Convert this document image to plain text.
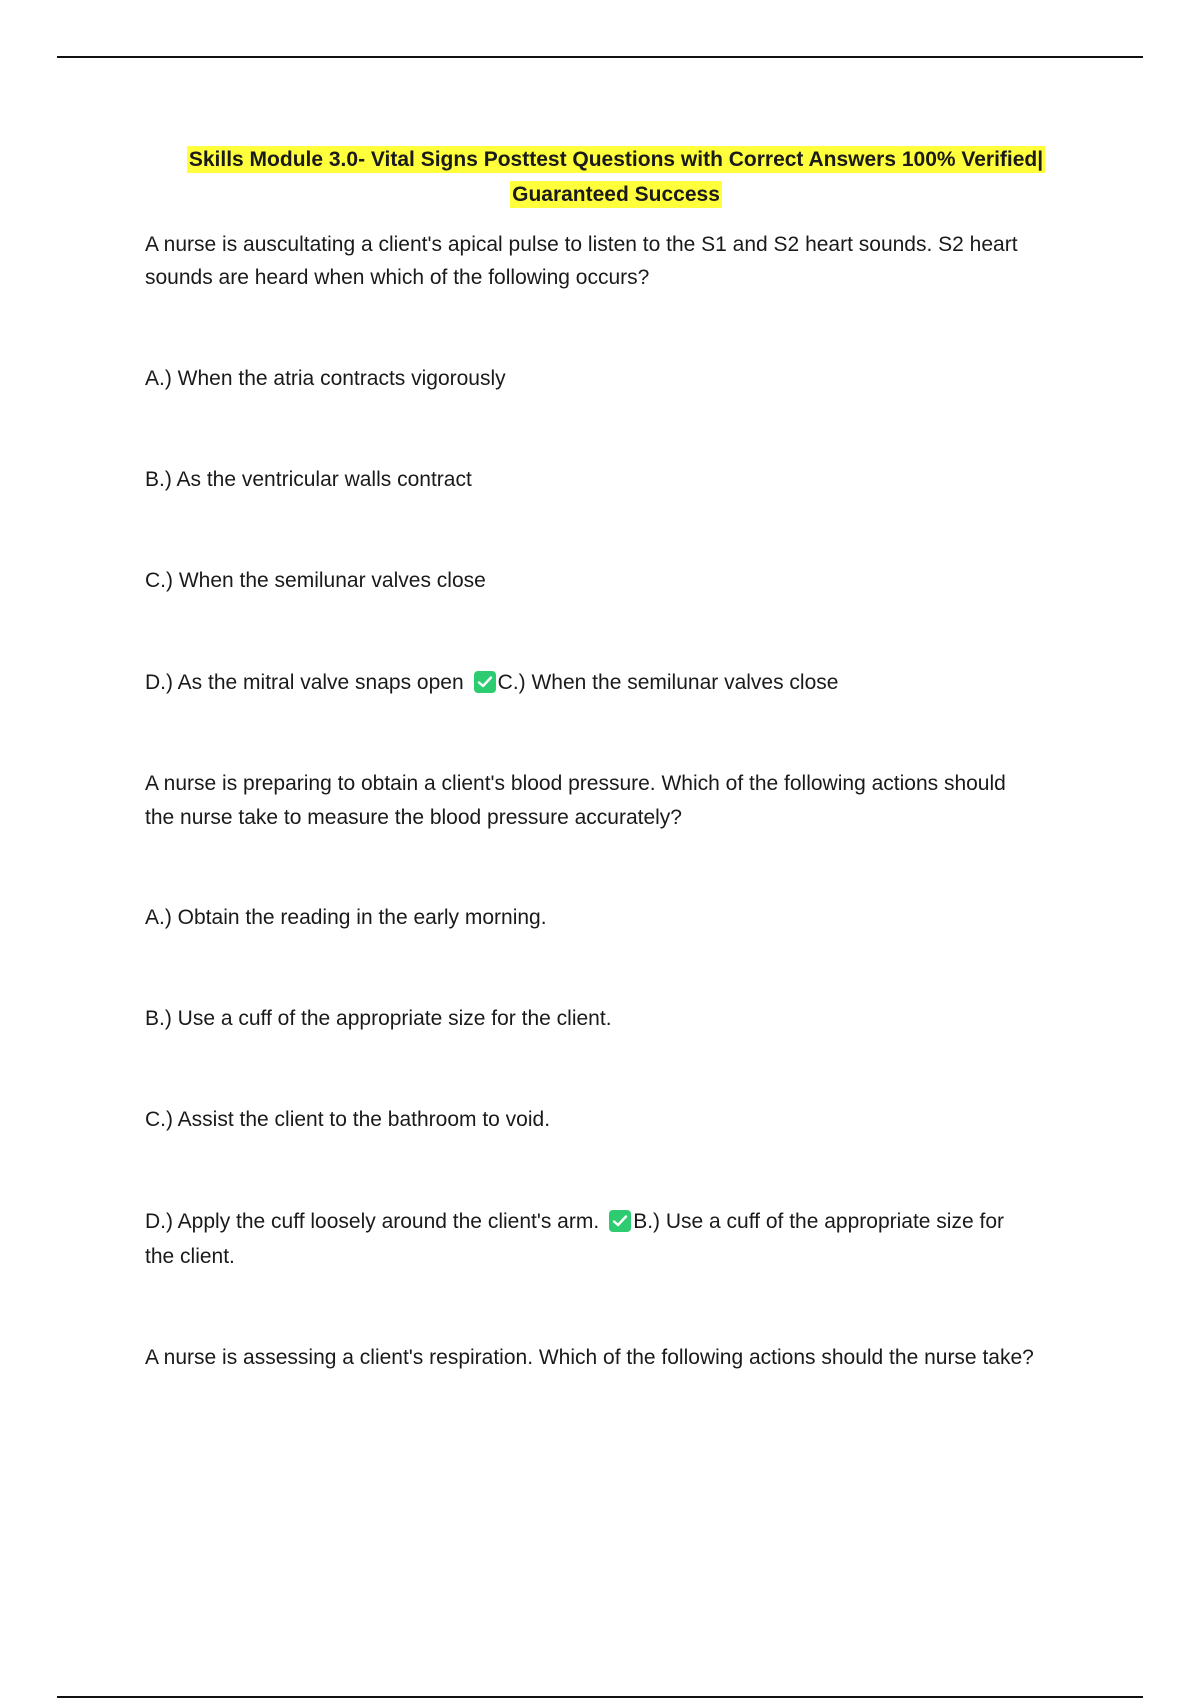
Skills Module 3.0- Vital Signs Posttest Questions with Correct Answers 100% Verified|
Guaranteed Success
A nurse is auscultating a client's apical pulse to listen to the S1 and S2 heart sounds. S2 heart
sounds are heard when which of the following occurs?
A.) When the atria contracts vigorously
B.) As the ventricular walls contract
C.) When the semilunar valves close
D.) As the mitral valve snaps open C.) When the semilunar valves close
A nurse is preparing to obtain a client's blood pressure. Which of the following actions should
the nurse take to measure the blood pressure accurately?
A.) Obtain the reading in the early morning.
B.) Use a cuff of the appropriate size for the client.
C.) Assist the client to the bathroom to void.
D.) Apply the cuff loosely around the client's arm. B.) Use a cuff of the appropriate size for
the client.
A nurse is assessing a client's respiration. Which of the following actions should the nurse take?
